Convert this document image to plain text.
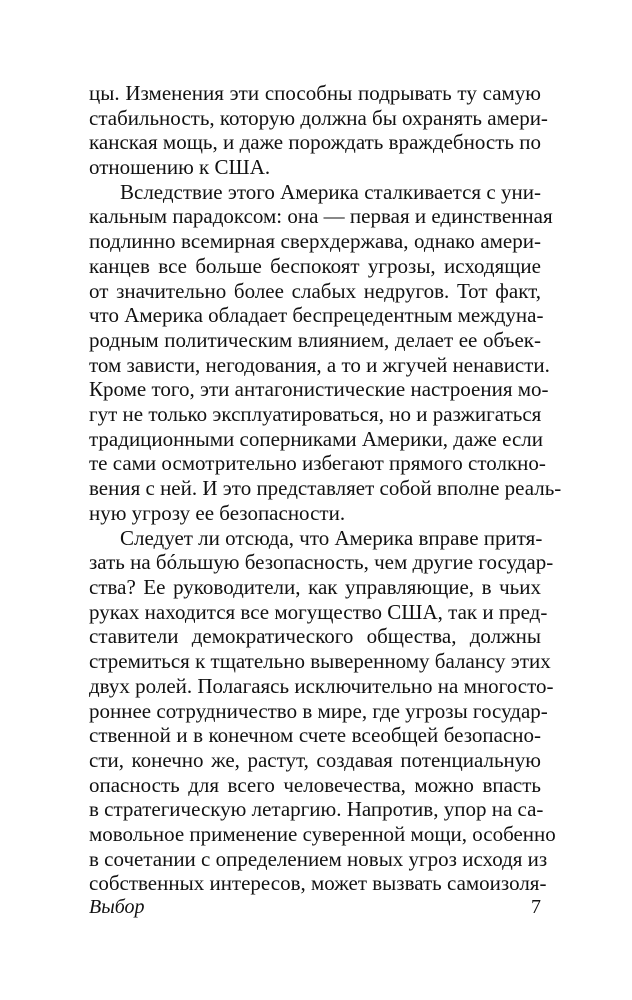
цы. Изменения эти способны подрывать ту самую
стабильность, которую должна бы охранять амери-
канская мощь, и даже порождать враждебность по
отношению к США.
Вследствие этого Америка сталкивается с уни-
кальным парадоксом: она — первая и единственная
подлинно всемирная сверхдержава, однако амери-
канцев все больше беспокоят угрозы, исходящие
от значительно более слабых недругов. Тот факт,
что Америка обладает беспрецедентным междуна-
родным политическим влиянием, делает ее объек-
том зависти, негодования, а то и жгучей ненависти.
Кроме того, эти антагонистические настроения мо-
гут не только эксплуатироваться, но и разжигаться
традиционными соперниками Америки, даже если
те сами осмотрительно избегают прямого столкно-
вения с ней. И это представляет собой вполне реаль-
ную угрозу ее безопасности.
Следует ли отсюда, что Америка вправе притя-
зать на бóльшую безопасность, чем другие государ-
ства? Ее руководители, как управляющие, в чьих
руках находится все могущество США, так и пред-
ставители демократического общества, должны
стремиться к тщательно выверенному балансу этих
двух ролей. Полагаясь исключительно на многосто-
роннее сотрудничество в мире, где угрозы государ-
ственной и в конечном счете всеобщей безопасно-
сти, конечно же, растут, создавая потенциальную
опасность для всего человечества, можно впасть
в стратегическую летаргию. Напротив, упор на са-
мовольное применение суверенной мощи, особенно
в сочетании с определением новых угроз исходя из
собственных интересов, может вызвать самоизоля-
Выбор	7
